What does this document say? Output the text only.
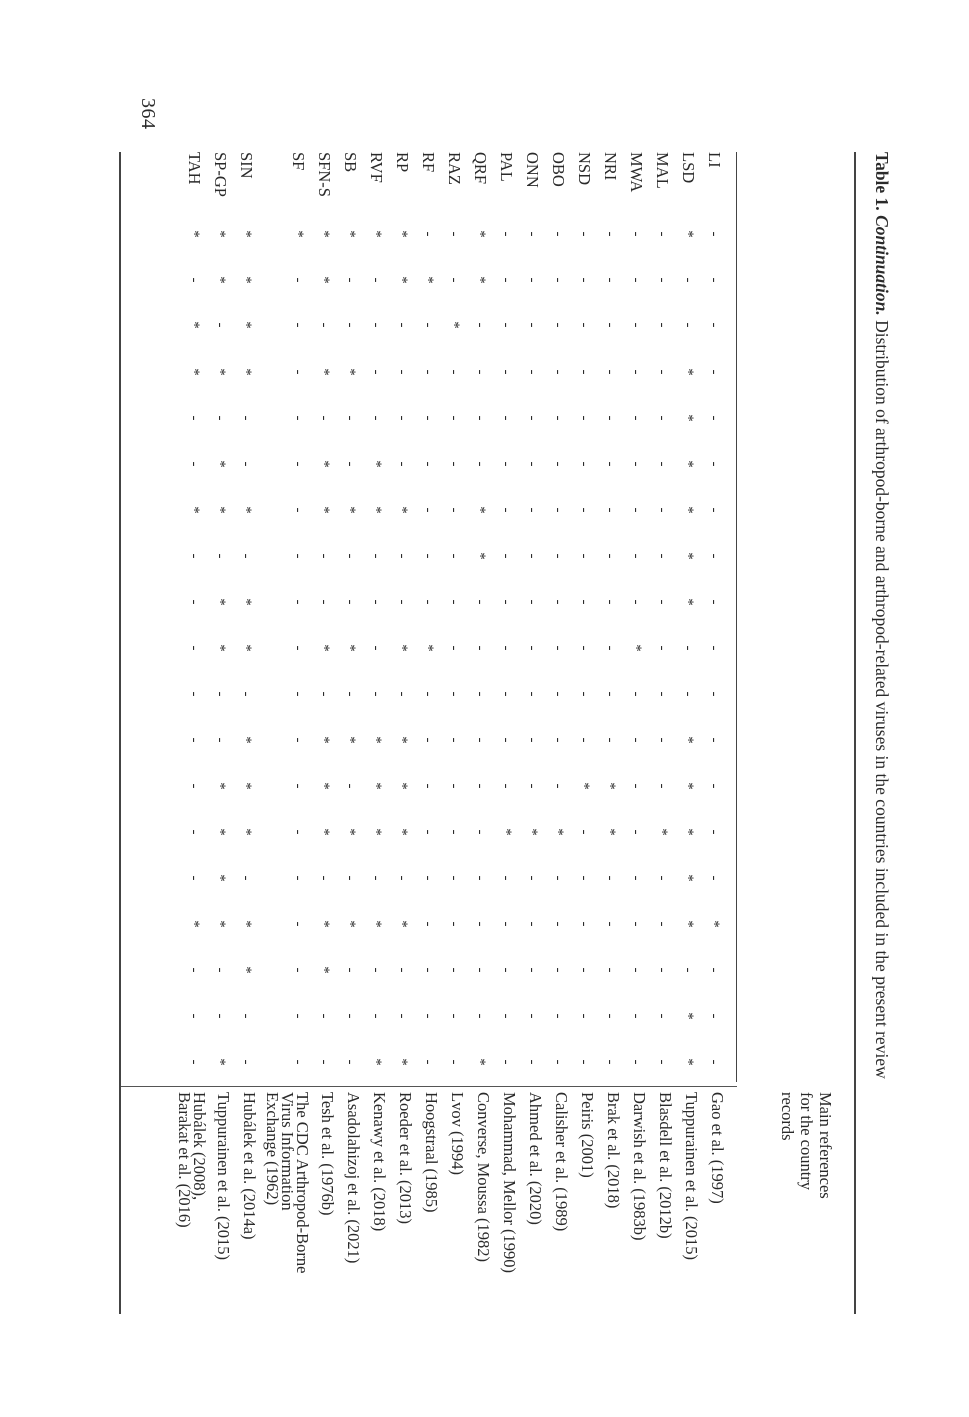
364
Table 1. Continuation. Distribution of arthropod-borne and arthropod-related viruses in the countries included in the present review
Main references for the country records
LI
-
-
-
-
-
-
-
-
-
-
-
-
-
-
-
*
-
-
-
Gao et al. (1997)
LSD
*
-
-
*
*
*
*
*
*
-
-
*
*
*
*
*
-
*
*
Tuppurainen et al. (2015)
MAL
-
-
-
-
-
-
-
-
-
-
-
-
-
*
-
-
-
-
-
Blasdell et al. (2012b)
MWA
-
-
-
-
-
-
-
-
-
*
-
-
-
-
-
-
-
-
-
Darwish et al. (1983b)
NRI
-
-
-
-
-
-
-
-
-
-
-
-
*
*
-
-
-
-
-
Brak et al. (2018)
NSD
-
-
-
-
-
-
-
-
-
-
-
-
*
-
-
-
-
-
-
Peiris (2001)
OBO
-
-
-
-
-
-
-
-
-
-
-
-
-
*
-
-
-
-
-
Calisher et al. (1989)
ONN
-
-
-
-
-
-
-
-
-
-
-
-
-
*
-
-
-
-
-
Ahmed et al. (2020)
PAL
-
-
-
-
-
-
-
-
-
-
-
-
-
*
-
-
-
-
-
Mohammad, Mellor (1990)
QRF
*
*
-
-
-
-
*
*
-
-
-
-
-
-
-
-
-
-
*
Converse, Moussa (1982)
RAZ
-
-
*
-
-
-
-
-
-
-
-
-
-
-
-
-
-
-
-
Lvov (1994)
RF
-
*
-
-
-
-
-
-
-
*
-
-
-
-
-
-
-
-
-
Hoogstraal (1985)
RP
*
*
-
-
-
-
*
-
-
*
-
*
*
*
-
*
-
-
*
Roeder et al. (2013)
RVF
*
-
-
-
-
*
*
-
-
-
-
*
*
*
-
*
-
-
*
Kenawy et al. (2018)
SB
*
-
-
*
-
-
*
-
-
*
-
*
-
*
-
*
-
-
-
Asadolahizoj et al. (2021)
SFN-S
*
*
-
*
-
*
*
-
-
*
-
*
*
*
-
*
*
-
-
Tesh et al. (1976b)
SF
*
-
-
-
-
-
-
-
-
-
-
-
-
-
-
-
-
-
-
The CDC Arthropod-Borne
Virus Information
Exchange (1962)
SIN
*
*
*
*
-
-
*
-
*
*
-
*
*
*
-
*
*
-
-
Hubálek et al. (2014a)
SP-GP
*
*
-
*
-
*
*
-
*
*
-
-
*
*
*
*
-
-
*
Tuppurainen et al. (2015)
TAH
*
-
*
*
-
-
*
-
-
-
-
-
-
-
-
*
-
-
-
Hubálek (2008),
Barakat et al. (2016)
